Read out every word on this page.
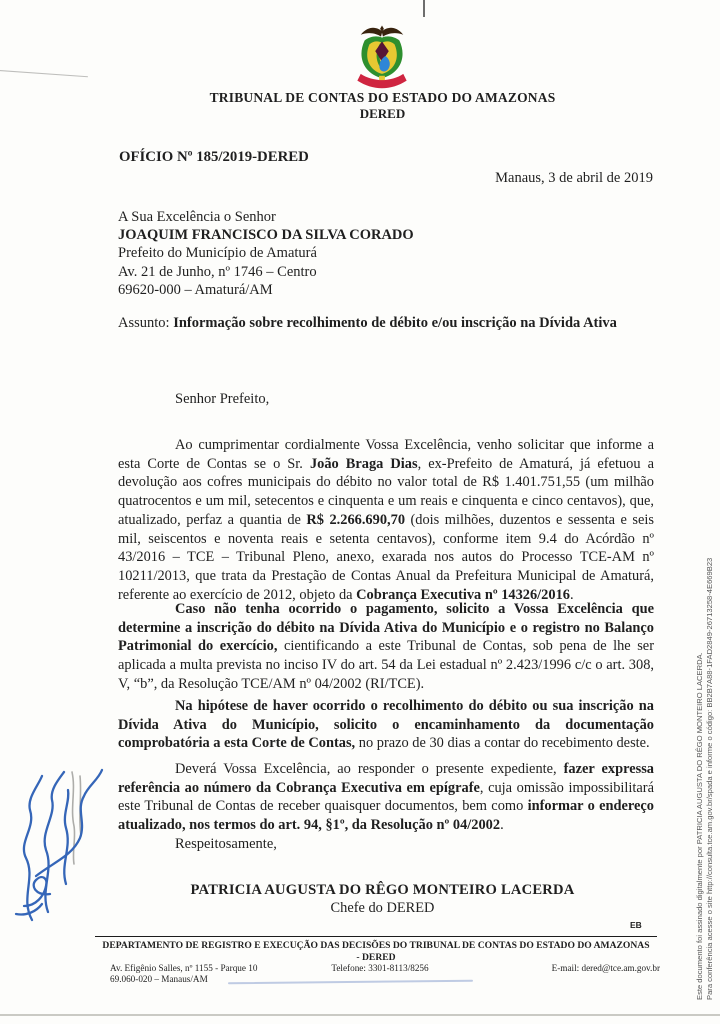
TRIBUNAL DE CONTAS DO ESTADO DO AMAZONAS
DERED
OFÍCIO Nº 185/2019-DERED
Manaus, 3 de abril de 2019
A Sua Excelência o Senhor
JOAQUIM FRANCISCO DA SILVA CORADO
Prefeito do Município de Amaturá
Av. 21 de Junho, nº 1746 – Centro
69620-000 – Amaturá/AM
Assunto: Informação sobre recolhimento de débito e/ou inscrição na Dívida Ativa
Senhor Prefeito,
Ao cumprimentar cordialmente Vossa Excelência, venho solicitar que informe a esta Corte de Contas se o Sr. João Braga Dias, ex-Prefeito de Amaturá, já efetuou a devolução aos cofres municipais do débito no valor total de R$ 1.401.751,55 (um milhão quatrocentos e um mil, setecentos e cinquenta e um reais e cinquenta e cinco centavos), que, atualizado, perfaz a quantia de R$ 2.266.690,70 (dois milhões, duzentos e sessenta e seis mil, seiscentos e noventa reais e setenta centavos), conforme item 9.4 do Acórdão nº 43/2016 – TCE – Tribunal Pleno, anexo, exarada nos autos do Processo TCE-AM nº 10211/2013, que trata da Prestação de Contas Anual da Prefeitura Municipal de Amaturá, referente ao exercício de 2012, objeto da Cobrança Executiva nº 14326/2016.
Caso não tenha ocorrido o pagamento, solicito a Vossa Excelência que determine a inscrição do débito na Dívida Ativa do Município e o registro no Balanço Patrimonial do exercício, cientificando a este Tribunal de Contas, sob pena de lhe ser aplicada a multa prevista no inciso IV do art. 54 da Lei estadual nº 2.423/1996 c/c o art. 308, V, “b”, da Resolução TCE/AM nº 04/2002 (RI/TCE).
Na hipótese de haver ocorrido o recolhimento do débito ou sua inscrição na Dívida Ativa do Município, solicito o encaminhamento da documentação comprobatória a esta Corte de Contas, no prazo de 30 dias a contar do recebimento deste.
Deverá Vossa Excelência, ao responder o presente expediente, fazer expressa referência ao número da Cobrança Executiva em epígrafe, cuja omissão impossibilitará este Tribunal de Contas de receber quaisquer documentos, bem como informar o endereço atualizado, nos termos do art. 94, §1º, da Resolução nº 04/2002.
Respeitosamente,
PATRICIA AUGUSTA DO RÊGO MONTEIRO LACERDA
Chefe do DERED
EB
DEPARTAMENTO DE REGISTRO E EXECUÇÃO DAS DECISÕES DO TRIBUNAL DE CONTAS DO ESTADO DO AMAZONAS - DERED
Av. Efigênio Salles, nº 1155 - Parque 10
69.060-020 – Manaus/AM
Telefone: 3301-8113/8256	E-mail: dered@tce.am.gov.br	Este documento foi assinado digitalmente por PATRICIA AUGUSTA DO RÊGO MONTEIRO LACERDA. Para conferência acesse o site http://consulta.tce.am.gov.br/spada e informe o código: BB2B7A88-1FAD2849-26713258-4E669B23
